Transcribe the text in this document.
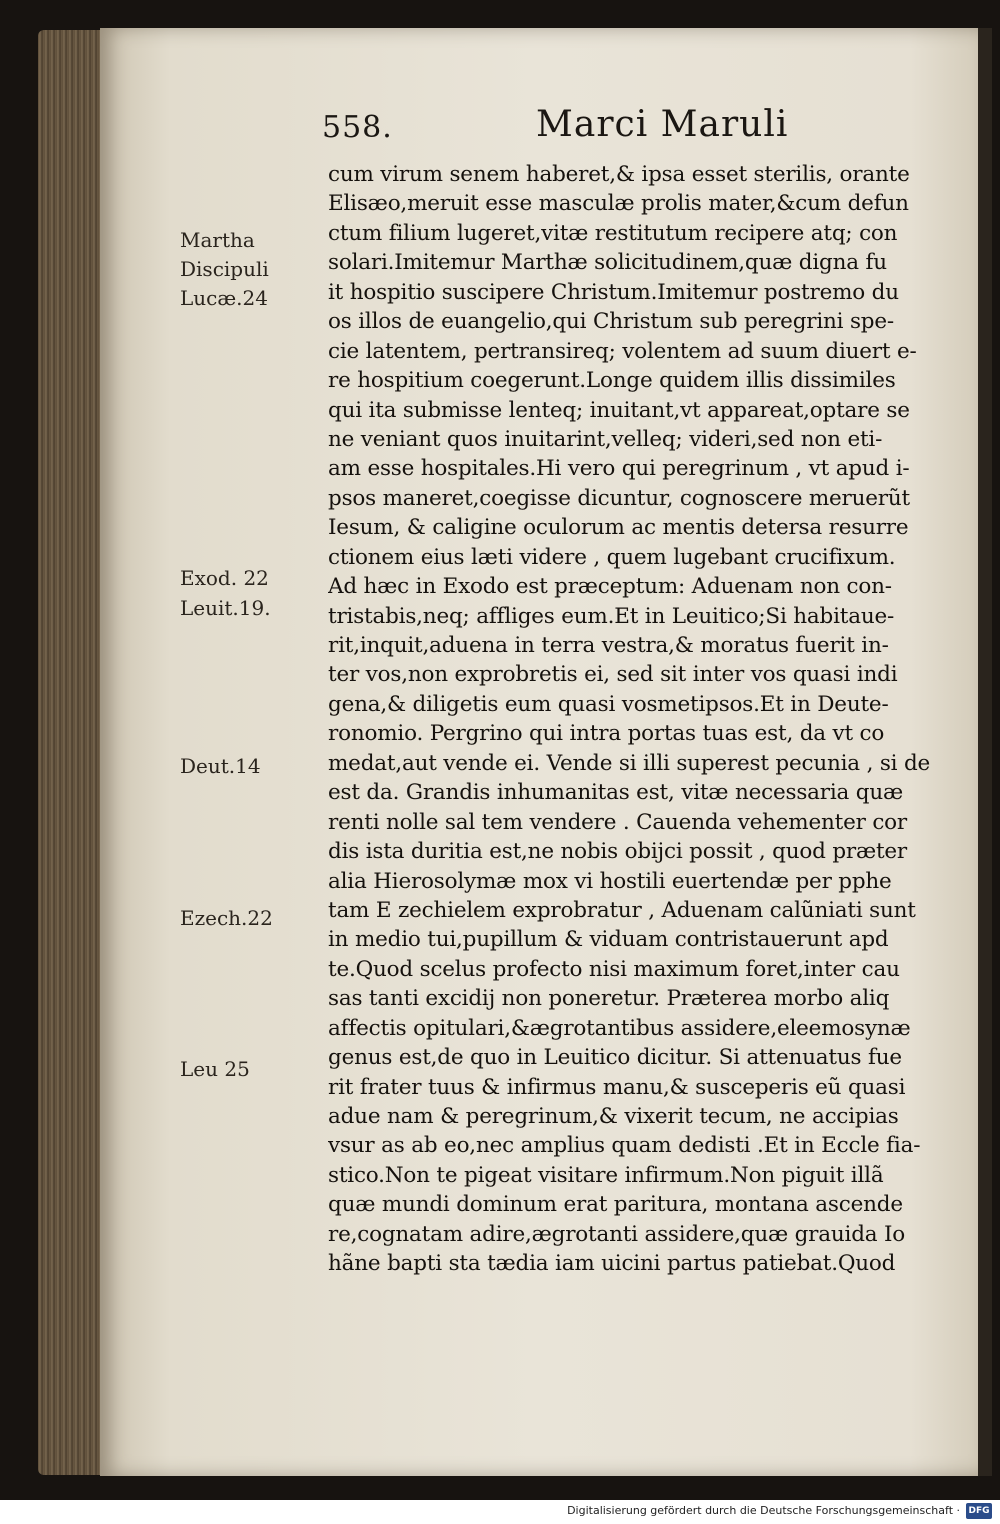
558.	Marci Maruli
Martha
Discipuli
Lucæ.24
Exod. 22
Leuit.19.
Deut.14
Ezech.22
Leu 25
cum virum senem haberet,& ipsa esset sterilis, orante
Elisæo,meruit esse masculæ prolis mater,&cum defun
ctum filium lugeret,vitæ restitutum recipere atq; con
solari.Imitemur Marthæ solicitudinem,quæ digna fu
it hospitio suscipere Christum.Imitemur postremo du
os illos de euangelio,qui Christum sub peregrini spe-
cie latentem, pertransireq; volentem ad suum diuert e-
re hospitium coegerunt.Longe quidem illis dissimiles
qui ita submisse lenteq; inuitant,vt appareat,optare se
ne veniant quos inuitarint,velleq; videri,sed non eti-
am esse hospitales.Hi vero qui peregrinum , vt apud i-
psos maneret,coegisse dicuntur, cognoscere meruerũt
Iesum, & caligine oculorum ac mentis detersa resurre
ctionem eius læti videre , quem lugebant crucifixum.
Ad hæc in Exodo est præceptum: Aduenam non con-
tristabis,neq; affliges eum.Et in Leuitico;Si habitaue-
rit,inquit,aduena in terra vestra,& moratus fuerit in-
ter vos,non exprobretis ei, sed sit inter vos quasi indi
gena,& diligetis eum quasi vosmetipsos.Et in Deute-
ronomio. Pergrino qui intra portas tuas est, da vt co
medat,aut vende ei. Vende si illi superest pecunia , si de
est da. Grandis inhumanitas est, vitæ necessaria quæ
renti nolle sal tem vendere . Cauenda vehementer cor
dis ista duritia est,ne nobis obijci possit , quod præter
alia Hierosolymæ mox vi hostili euertendæ per pphe
tam E zechielem exprobratur , Aduenam calũniati sunt
in medio tui,pupillum & viduam contristauerunt apd
te.Quod scelus profecto nisi maximum foret,inter cau
sas tanti excidij non poneretur. Præterea morbo aliq
affectis opitulari,&ægrotantibus assidere,eleemosynæ
genus est,de quo in Leuitico dicitur. Si attenuatus fue
rit frater tuus & infirmus manu,& susceperis eũ quasi
adue nam & peregrinum,& vixerit tecum, ne accipias
vsur as ab eo,nec amplius quam dedisti .Et in Eccle fia-
stico.Non te pigeat visitare infirmum.Non piguit illã
quæ mundi dominum erat paritura, montana ascende
re,cognatam adire,ægrotanti assidere,quæ grauida Io
hãne bapti sta tædia iam uicini partus patiebat.Quod
Digitalisierung gefördert durch die Deutsche Forschungsgemeinschaft · DFG
